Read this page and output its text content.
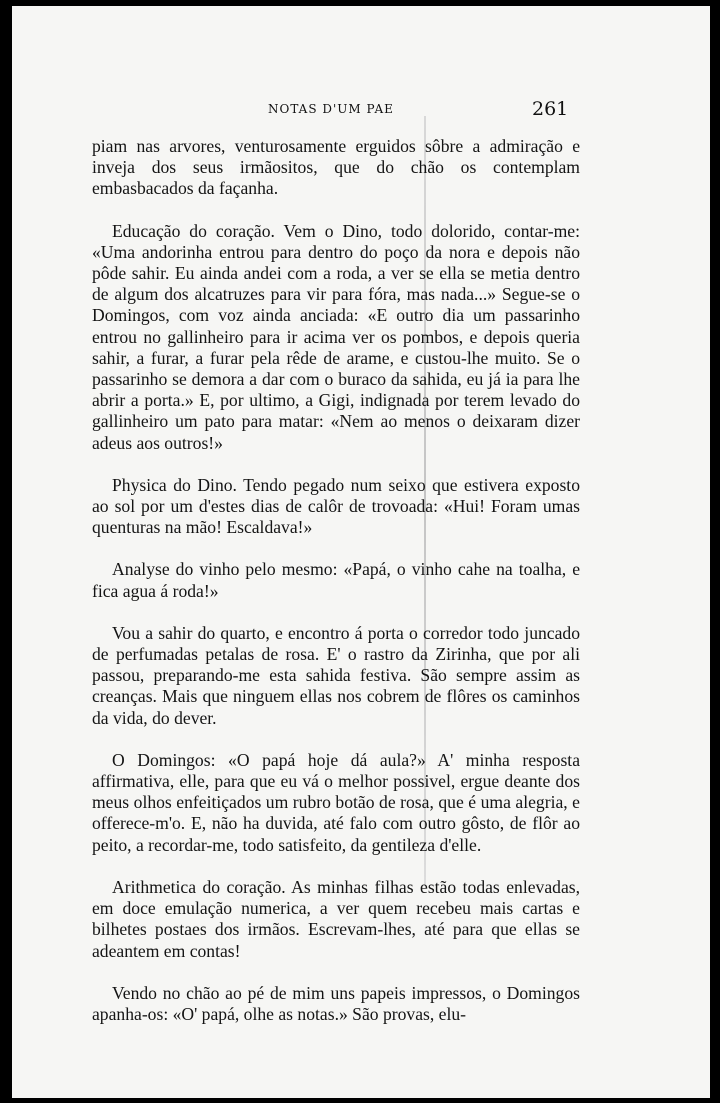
NOTAS D'UM PAE	261

piam nas arvores, venturosamente erguidos sôbre a admiração e inveja dos seus irmãositos, que do chão os contemplam embasbacados da façanha.

Educação do coração. Vem o Dino, todo dolorido, contar-me: «Uma andorinha entrou para dentro do poço da nora e depois não pôde sahir. Eu ainda andei com a roda, a ver se ella se metia dentro de algum dos alcatruzes para vir para fóra, mas nada...» Segue-se o Domingos, com voz ainda anciada: «E outro dia um passarinho entrou no gallinheiro para ir acima ver os pombos, e depois queria sahir, a furar, a furar pela rêde de arame, e custou-lhe muito. Se o passarinho se demora a dar com o buraco da sahida, eu já ia para lhe abrir a porta.» E, por ultimo, a Gigi, indignada por terem levado do gallinheiro um pato para matar: «Nem ao menos o deixaram dizer adeus aos outros!»

Physica do Dino. Tendo pegado num seixo que estivera exposto ao sol por um d'estes dias de calôr de trovoada: «Hui! Foram umas quenturas na mão! Escaldava!»

Analyse do vinho pelo mesmo: «Papá, o vinho cahe na toalha, e fica agua á roda!»

Vou a sahir do quarto, e encontro á porta o corredor todo juncado de perfumadas petalas de rosa. E' o rastro da Zirinha, que por ali passou, preparando-me esta sahida festiva. São sempre assim as creanças. Mais que ninguem ellas nos cobrem de flôres os caminhos da vida, do dever.

O Domingos: «O papá hoje dá aula?» A' minha resposta affirmativa, elle, para que eu vá o melhor possivel, ergue deante dos meus olhos enfeitiçados um rubro botão de rosa, que é uma alegria, e offerece-m'o. E, não ha duvida, até falo com outro gôsto, de flôr ao peito, a recordar-me, todo satisfeito, da gentileza d'elle.

Arithmetica do coração. As minhas filhas estão todas enlevadas, em doce emulação numerica, a ver quem recebeu mais cartas e bilhetes postaes dos irmãos. Escrevam-lhes, até para que ellas se adeantem em contas!

Vendo no chão ao pé de mim uns papeis impressos, o Domingos apanha-os: «O' papá, olhe as notas.» São provas, elu-
